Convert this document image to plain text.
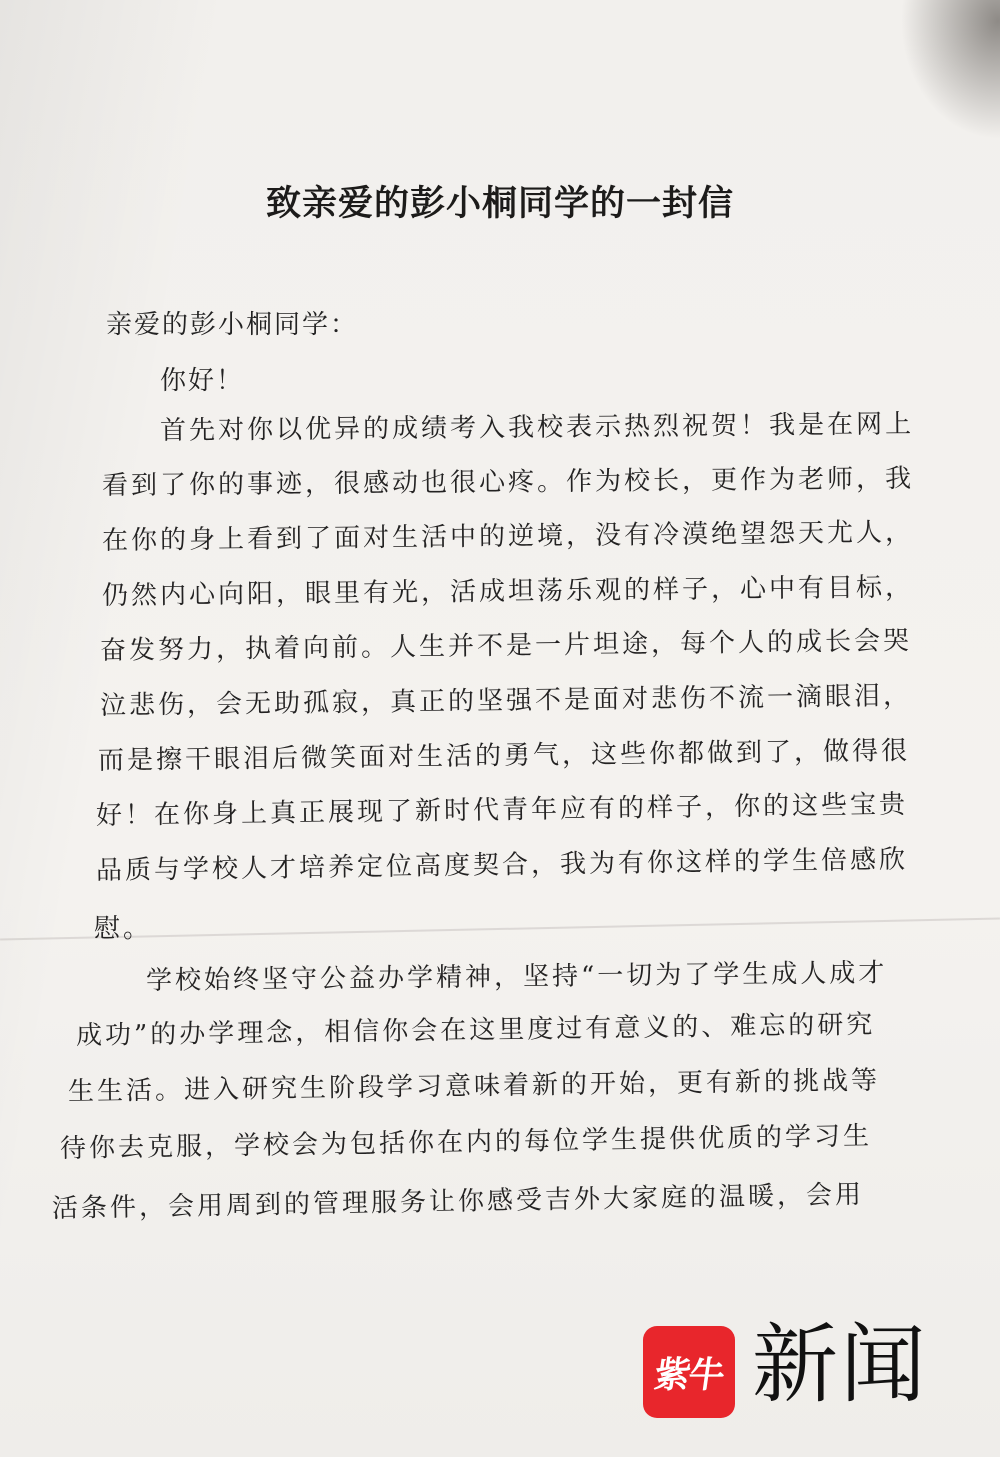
致亲爱的彭小桐同学的一封信
亲爱的彭小桐同学：
你好！
首先对你以优异的成绩考入我校表示热烈祝贺！我是在网上
看到了你的事迹，很感动也很心疼。作为校长，更作为老师，我
在你的身上看到了面对生活中的逆境，没有冷漠绝望怨天尤人，
仍然内心向阳，眼里有光，活成坦荡乐观的样子，心中有目标，
奋发努力，执着向前。人生并不是一片坦途，每个人的成长会哭
泣悲伤，会无助孤寂，真正的坚强不是面对悲伤不流一滴眼泪，
而是擦干眼泪后微笑面对生活的勇气，这些你都做到了，做得很
好！在你身上真正展现了新时代青年应有的样子，你的这些宝贵
品质与学校人才培养定位高度契合，我为有你这样的学生倍感欣
慰。
学校始终坚守公益办学精神，坚持“一切为了学生成人成才
成功”的办学理念，相信你会在这里度过有意义的、难忘的研究
生生活。进入研究生阶段学习意味着新的开始，更有新的挑战等
待你去克服，学校会为包括你在内的每位学生提供优质的学习生
活条件，会用周到的管理服务让你感受吉外大家庭的温暖，会用
紫牛 新闻
